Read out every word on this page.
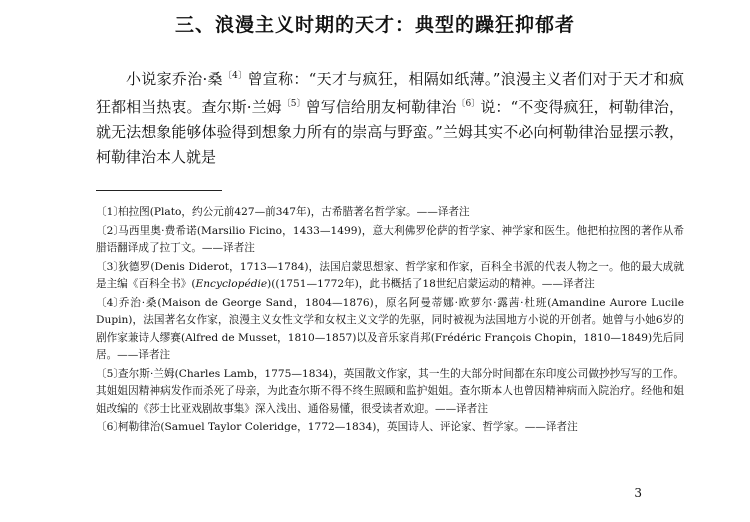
三、浪漫主义时期的天才：典型的躁狂抑郁者

小说家乔治·桑$^{〔4〕}$曾宣称：“天才与疯狂，相隔如纸薄。”浪漫主义者们对于天才和疯狂都相当热衷。查尔斯·兰姆$^{〔5〕}$曾写信给朋友柯勒律治$^{〔6〕}$说：“不变得疯狂，柯勒律治，就无法想象能够体验得到想象力所有的崇高与野蛮。”兰姆其实不必向柯勒律治显摆示教，柯勒律治本人就是

〔1〕柏拉图(Plato，约公元前427—前347年)，古希腊著名哲学家。——译者注

〔2〕马西里奥·费希诺(Marsilio Ficino，1433—1499)，意大利佛罗伦萨的哲学家、神学家和医生。他把柏拉图的著作从希腊语翻译成了拉丁文。——译者注

〔3〕狄德罗(Denis Diderot，1713—1784)，法国启蒙思想家、哲学家和作家，百科全书派的代表人物之一。他的最大成就是主编《百科全书》(Encyclopédie)((1751—1772年)，此书概括了18世纪启蒙运动的精神。——译者注

〔4〕乔治·桑(Maison de George Sand，1804—1876)，原名阿曼蒂娜·欧萝尔·露茜·杜班(Amandine Aurore Lucile Dupin)，法国著名女作家，浪漫主义女性文学和女权主义文学的先驱，同时被视为法国地方小说的开创者。她曾与小她6岁的剧作家兼诗人缪赛(Alfred de Musset，1810—1857)以及音乐家肖邦(Frédéric François Chopin，1810—1849)先后同居。——译者注

〔5〕查尔斯·兰姆(Charles Lamb，1775—1834)，英国散文作家，其一生的大部分时间都在东印度公司做抄抄写写的工作。其姐姐因精神病发作而杀死了母亲，为此查尔斯不得不终生照顾和监护姐姐。查尔斯本人也曾因精神病而入院治疗。经他和姐姐改编的《莎士比亚戏剧故事集》深入浅出、通俗易懂，很受读者欢迎。——译者注

〔6〕柯勒律治(Samuel Taylor Coleridge，1772—1834)，英国诗人、评论家、哲学家。——译者注

3
